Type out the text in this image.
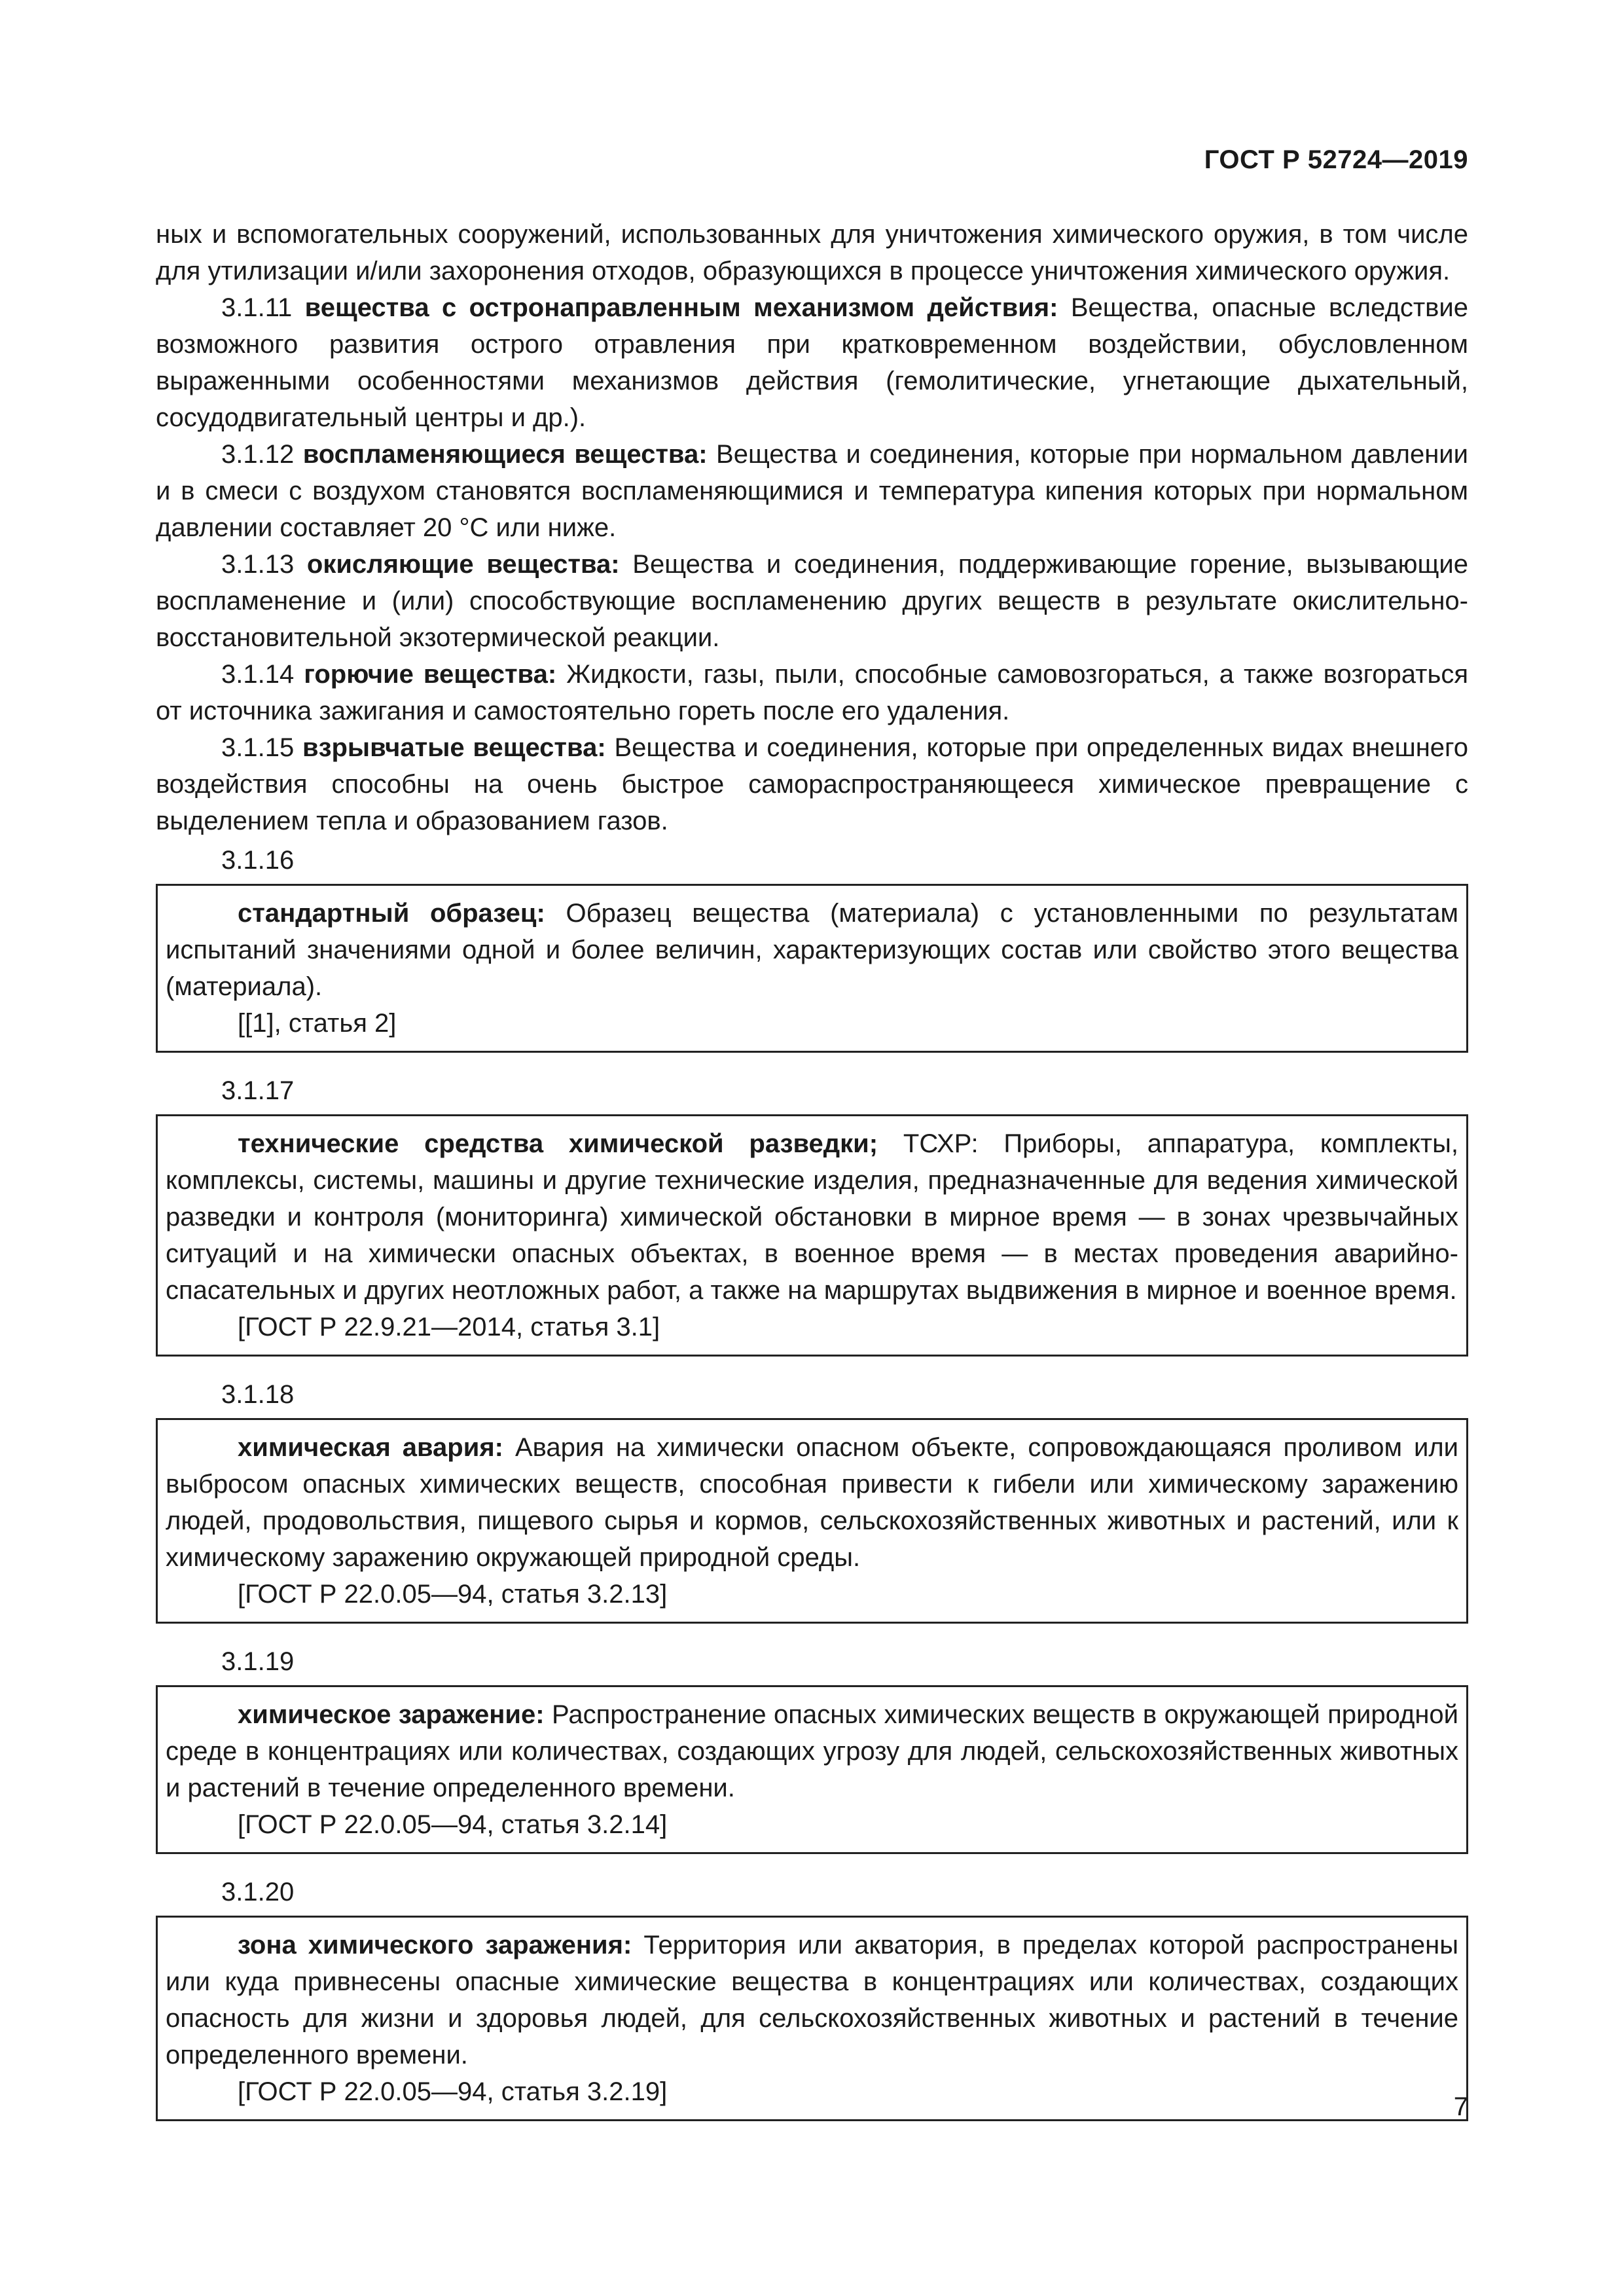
ГОСТ Р 52724—2019

ных и вспомогательных сооружений, использованных для уничтожения химического оружия, в том числе для утилизации и/или захоронения отходов, образующихся в процессе уничтожения химического оружия.

3.1.11 вещества с остронаправленным механизмом действия: Вещества, опасные вследствие возможного развития острого отравления при кратковременном воздействии, обусловленном выраженными особенностями механизмов действия (гемолитические, угнетающие дыхательный, сосудодвигательный центры и др.).

3.1.12 воспламеняющиеся вещества: Вещества и соединения, которые при нормальном давлении и в смеси с воздухом становятся воспламеняющимися и температура кипения которых при нормальном давлении составляет 20 °С или ниже.

3.1.13 окисляющие вещества: Вещества и соединения, поддерживающие горение, вызывающие воспламенение и (или) способствующие воспламенению других веществ в результате окислительно-восстановительной экзотермической реакции.

3.1.14 горючие вещества: Жидкости, газы, пыли, способные самовозгораться, а также возгораться от источника зажигания и самостоятельно гореть после его удаления.

3.1.15 взрывчатые вещества: Вещества и соединения, которые при определенных видах внешнего воздействия способны на очень быстрое самораспространяющееся химическое превращение с выделением тепла и образованием газов.

3.1.16

стандартный образец: Образец вещества (материала) с установленными по результатам испытаний значениями одной и более величин, характеризующих состав или свойство этого вещества (материала).

[[1], статья 2]

3.1.17

технические средства химической разведки; ТСХР: Приборы, аппаратура, комплекты, комплексы, системы, машины и другие технические изделия, предназначенные для ведения химической разведки и контроля (мониторинга) химической обстановки в мирное время — в зонах чрезвычайных ситуаций и на химически опасных объектах, в военное время — в местах проведения аварийно-спасательных и других неотложных работ, а также на маршрутах выдвижения в мирное и военное время.

[ГОСТ Р 22.9.21—2014, статья 3.1]

3.1.18

химическая авария: Авария на химически опасном объекте, сопровождающаяся проливом или выбросом опасных химических веществ, способная привести к гибели или химическому заражению людей, продовольствия, пищевого сырья и кормов, сельскохозяйственных животных и растений, или к химическому заражению окружающей природной среды.

[ГОСТ Р 22.0.05—94, статья 3.2.13]

3.1.19

химическое заражение: Распространение опасных химических веществ в окружающей природной среде в концентрациях или количествах, создающих угрозу для людей, сельскохозяйственных животных и растений в течение определенного времени.

[ГОСТ Р 22.0.05—94, статья 3.2.14]

3.1.20

зона химического заражения: Территория или акватория, в пределах которой распространены или куда привнесены опасные химические вещества в концентрациях или количествах, создающих опасность для жизни и здоровья людей, для сельскохозяйственных животных и растений в течение определенного времени.

[ГОСТ Р 22.0.05—94, статья 3.2.19]

7
